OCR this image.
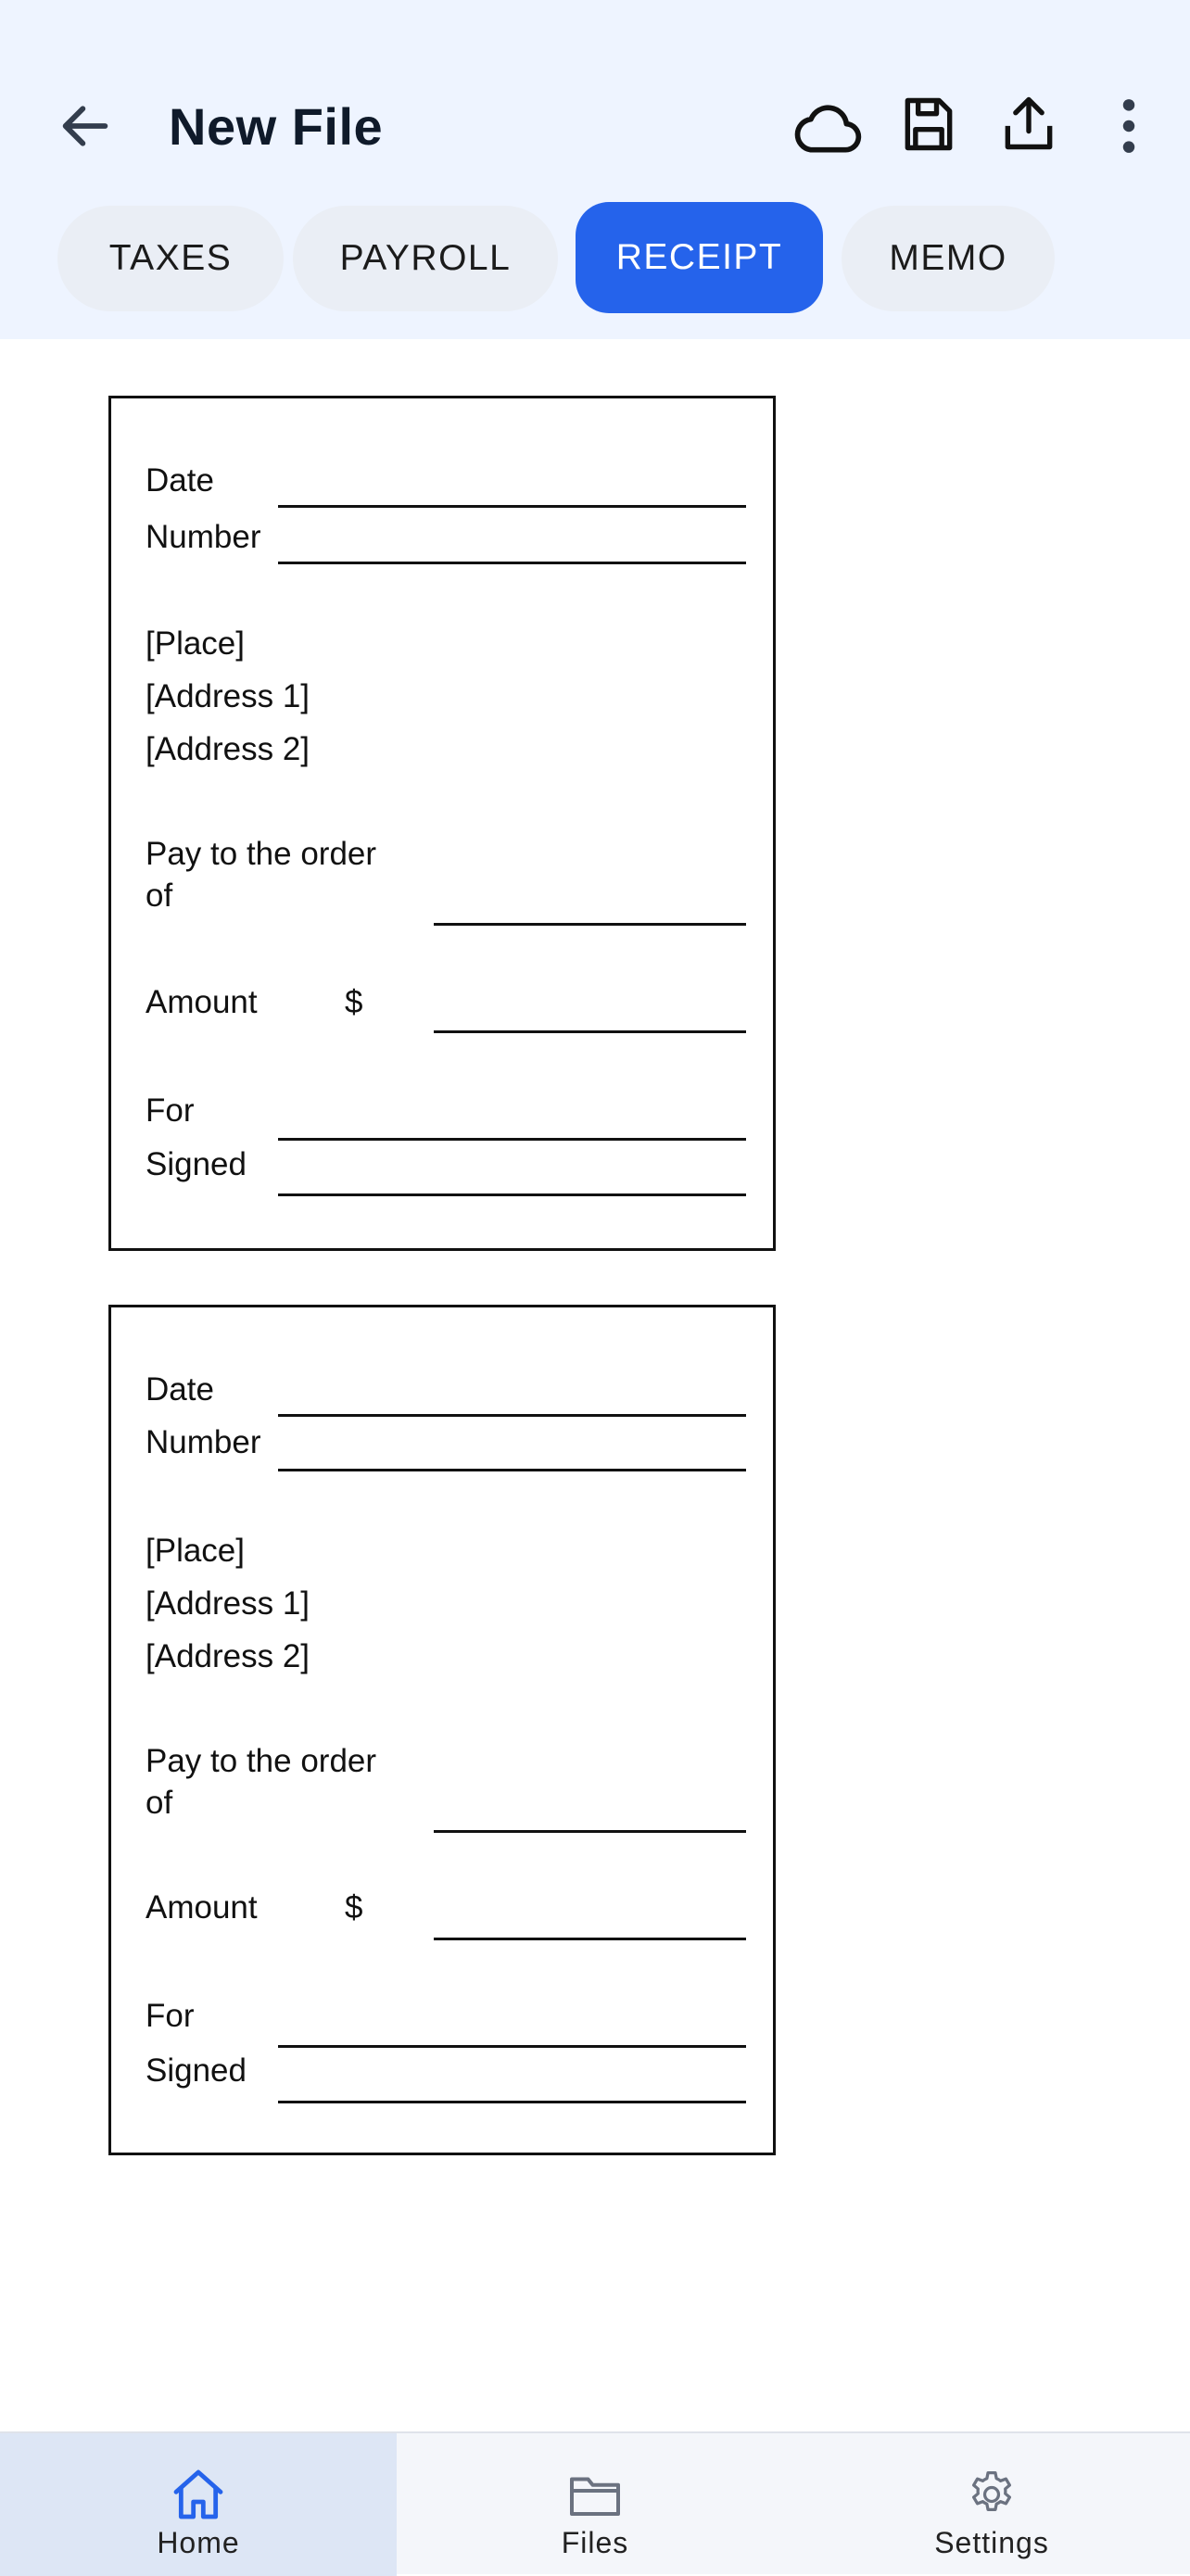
New File
TAXES	PAYROLL	RECEIPT	MEMO
Date
Number
[Place]
[Address 1]
[Address 2]
Pay to the order
of
Amount	$
For
Signed
Date
Number
[Place]
[Address 1]
[Address 2]
Pay to the order
of
Amount	$
For
Signed
Home	Files	Settings
